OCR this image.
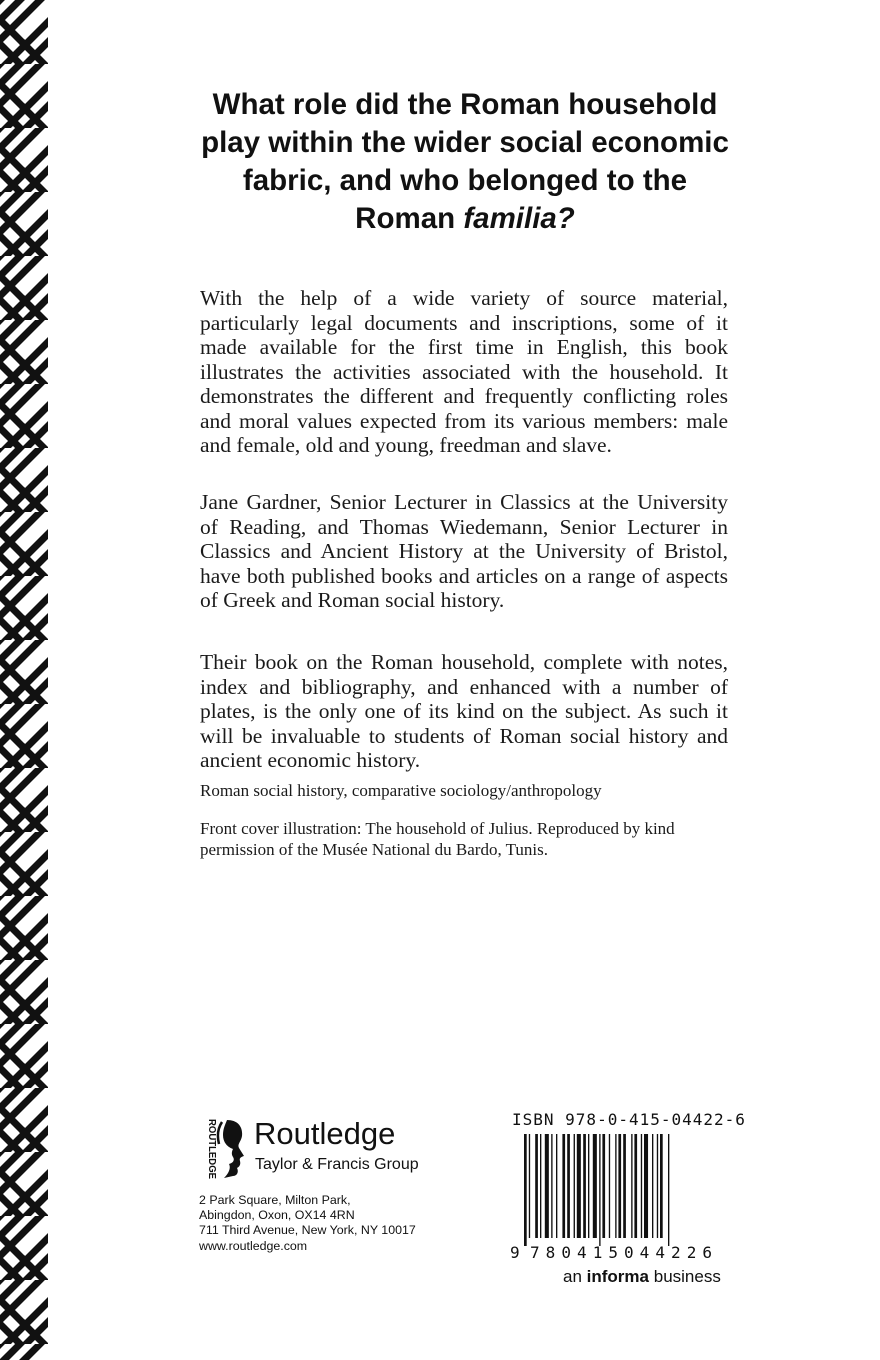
What role did the Roman household play within the wider social economic fabric, and who belonged to the Roman familia?

With the help of a wide variety of source material, particularly legal documents and inscriptions, some of it made available for the first time in English, this book illustrates the activities associated with the household. It demonstrates the different and frequently conflicting roles and moral values expected from its various members: male and female, old and young, freedman and slave.

Jane Gardner, Senior Lecturer in Classics at the University of Reading, and Thomas Wiedemann, Senior Lecturer in Classics and Ancient History at the University of Bristol, have both published books and articles on a range of aspects of Greek and Roman social history.

Their book on the Roman household, complete with notes, index and bibliography, and enhanced with a number of plates, is the only one of its kind on the subject. As such it will be invaluable to students of Roman social history and ancient economic history.

Roman social history, comparative sociology/anthropology

Front cover illustration: The household of Julius. Reproduced by kind permission of the Musée National du Bardo, Tunis.

ROUTLEDGE Routledge
Taylor & Francis Group
2 Park Square, Milton Park,
Abingdon, Oxon, OX14 4RN
711 Third Avenue, New York, NY 10017
www.routledge.com
ISBN 978-0-415-04422-6
9 780415 044226
an informa business
